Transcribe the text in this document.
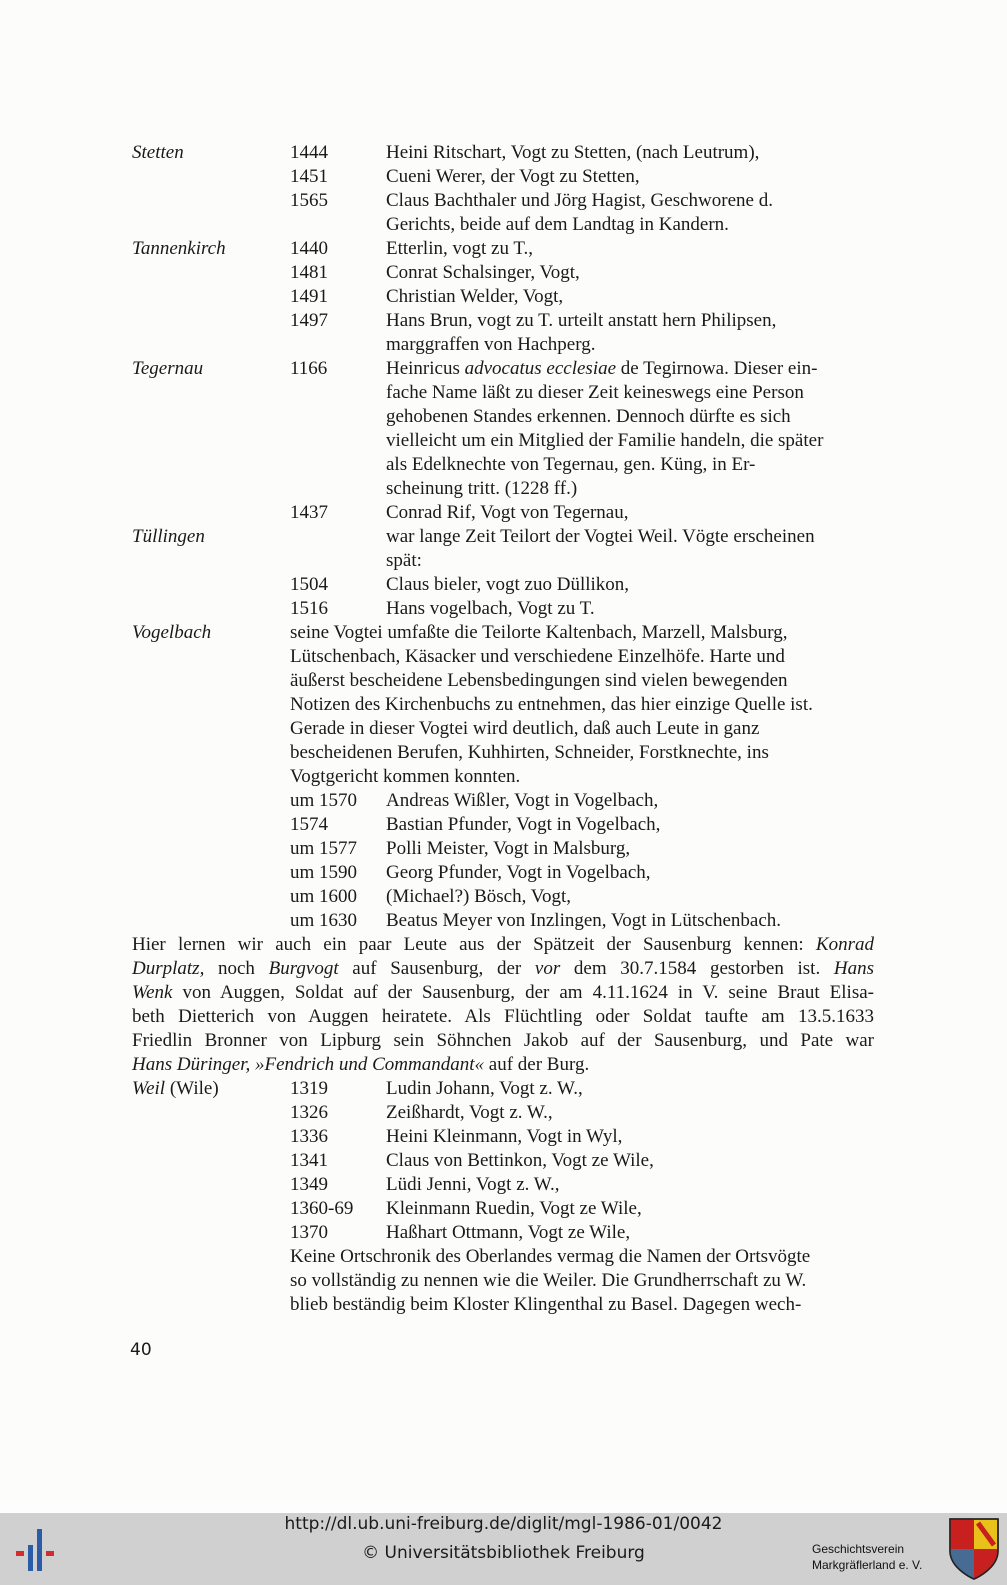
Stetten	1444	Heini Ritschart, Vogt zu Stetten, (nach Leutrum),
1451	Cueni Werer, der Vogt zu Stetten,
1565	Claus Bachthaler und Jörg Hagist, Geschworene d.
Gerichts, beide auf dem Landtag in Kandern.
Tannenkirch	1440	Etterlin, vogt zu T.,
1481	Conrat Schalsinger, Vogt,
1491	Christian Welder, Vogt,
1497	Hans Brun, vogt zu T. urteilt anstatt hern Philipsen,
marggraffen von Hachperg.
Tegernau	1166	Heinricus advocatus ecclesiae de Tegirnowa. Dieser ein-
fache Name läßt zu dieser Zeit keineswegs eine Person
gehobenen Standes erkennen. Dennoch dürfte es sich
vielleicht um ein Mitglied der Familie handeln, die später
als Edelknechte von Tegernau, gen. Küng, in Er-
scheinung tritt. (1228 ff.)
1437	Conrad Rif, Vogt von Tegernau,
Tüllingen	war lange Zeit Teilort der Vogtei Weil. Vögte erscheinen
spät:
1504	Claus bieler, vogt zuo Düllikon,
1516	Hans vogelbach, Vogt zu T.
Vogelbach	seine Vogtei umfaßte die Teilorte Kaltenbach, Marzell, Malsburg,
Lütschenbach, Käsacker und verschiedene Einzelhöfe. Harte und
äußerst bescheidene Lebensbedingungen sind vielen bewegenden
Notizen des Kirchenbuchs zu entnehmen, das hier einzige Quelle ist.
Gerade in dieser Vogtei wird deutlich, daß auch Leute in ganz
bescheidenen Berufen, Kuhhirten, Schneider, Forstknechte, ins
Vogtgericht kommen konnten.
um 1570 Andreas Wißler, Vogt in Vogelbach,
1574	Bastian Pfunder, Vogt in Vogelbach,
um 1577 Polli Meister, Vogt in Malsburg,
um 1590 Georg Pfunder, Vogt in Vogelbach,
um 1600 (Michael?) Bösch, Vogt,
um 1630 Beatus Meyer von Inzlingen, Vogt in Lütschenbach.
Hier lernen wir auch ein paar Leute aus der Spätzeit der Sausenburg kennen: Konrad
Durplatz, noch Burgvogt auf Sausenburg, der vor dem 30.7.1584 gestorben ist. Hans
Wenk von Auggen, Soldat auf der Sausenburg, der am 4.11.1624 in V. seine Braut Elisa-
beth Dietterich von Auggen heiratete. Als Flüchtling oder Soldat taufte am 13.5.1633
Friedlin Bronner von Lipburg sein Söhnchen Jakob auf der Sausenburg, und Pate war
Hans Düringer, »Fendrich und Commandant« auf der Burg.
Weil (Wile)	1319	Ludin Johann, Vogt z. W.,
1326	Zeißhardt, Vogt z. W.,
1336	Heini Kleinmann, Vogt in Wyl,
1341	Claus von Bettinkon, Vogt ze Wile,
1349	Lüdi Jenni, Vogt z. W.,
1360-69 Kleinmann Ruedin, Vogt ze Wile,
1370	Haßhart Ottmann, Vogt ze Wile,
Keine Ortschronik des Oberlandes vermag die Namen der Ortsvögte
so vollständig zu nennen wie die Weiler. Die Grundherrschaft zu W.
blieb beständig beim Kloster Klingenthal zu Basel. Dagegen wech-
40
http://dl.ub.uni-freiburg.de/diglit/mgl-1986-01/0042
© Universitätsbibliothek Freiburg	Geschichtsverein
Markgräflerland e. V.
